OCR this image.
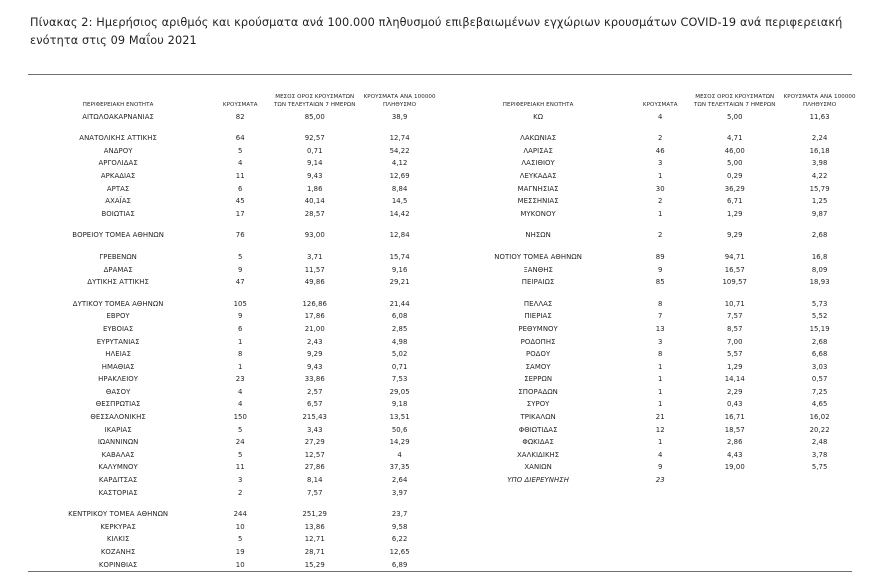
Πίνακας 2: Ημερήσιος αριθμός και κρούσματα ανά 100.000 πληθυσμού επιβεβαιωμένων εγχώριων κρουσμάτων COVID-19 ανά περιφερειακή ενότητα στις 09 Μαΐου 2021

ΠΕΡΙΦΕΡΕΙΑΚΗ ΕΝΟΤΗΤΑ	ΚΡΟΥΣΜΑΤΑ	ΜΕΣΟΣ ΟΡΟΣ ΚΡΟΥΣΜΑΤΩΝ
ΤΩΝ ΤΕΛΕΥΤΑΙΩΝ 7 ΗΜΕΡΩΝ	ΚΡΟΥΣΜΑΤΑ ΑΝΑ 100000
ΠΛΗΘΥΣΜΟ

ΑΙΤΩΛΟΑΚΑΡΝΑΝΙΑΣ	82	85,00	38,9

ΑΝΑΤΟΛΙΚΗΣ ΑΤΤΙΚΗΣ	64	92,57	12,74
ΑΝΔΡΟΥ	5	0,71	54,22
ΑΡΓΟΛΙΔΑΣ	4	9,14	4,12
ΑΡΚΑΔΙΑΣ	11	9,43	12,69
ΑΡΤΑΣ	6	1,86	8,84
ΑΧΑΪΑΣ	45	40,14	14,5
ΒΟΙΩΤΙΑΣ	17	28,57	14,42

ΒΟΡΕΙΟΥ ΤΟΜΕΑ ΑΘΗΝΩΝ	76	93,00	12,84

ΓΡΕΒΕΝΩΝ	5	3,71	15,74
ΔΡΑΜΑΣ	9	11,57	9,16
ΔΥΤΙΚΗΣ ΑΤΤΙΚΗΣ	47	49,86	29,21

ΔΥΤΙΚΟΥ ΤΟΜΕΑ ΑΘΗΝΩΝ	105	126,86	21,44
ΕΒΡΟΥ	9	17,86	6,08
ΕΥΒΟΙΑΣ	6	21,00	2,85
ΕΥΡΥΤΑΝΙΑΣ	1	2,43	4,98
ΗΛΕΙΑΣ	8	9,29	5,02
ΗΜΑΘΙΑΣ	1	9,43	0,71
ΗΡΑΚΛΕΙΟΥ	23	33,86	7,53
ΘΑΣΟΥ	4	2,57	29,05
ΘΕΣΠΡΩΤΙΑΣ	4	6,57	9,18
ΘΕΣΣΑΛΟΝΙΚΗΣ	150	215,43	13,51
ΙΚΑΡΙΑΣ	5	3,43	50,6
ΙΩΑΝΝΙΝΩΝ	24	27,29	14,29
ΚΑΒΑΛΑΣ	5	12,57	4
ΚΑΛΥΜΝΟΥ	11	27,86	37,35
ΚΑΡΔΙΤΣΑΣ	3	8,14	2,64
ΚΑΣΤΟΡΙΑΣ	2	7,57	3,97

ΚΕΝΤΡΙΚΟΥ ΤΟΜΕΑ ΑΘΗΝΩΝ	244	251,29	23,7
ΚΕΡΚΥΡΑΣ	10	13,86	9,58
ΚΙΛΚΙΣ	5	12,71	6,22
ΚΟΖΑΝΗΣ	19	28,71	12,65
ΚΟΡΙΝΘΙΑΣ	10	15,29	6,89
ΠΕΡΙΦΕΡΕΙΑΚΗ ΕΝΟΤΗΤΑ	ΚΡΟΥΣΜΑΤΑ	ΜΕΣΟΣ ΟΡΟΣ ΚΡΟΥΣΜΑΤΩΝ
ΤΩΝ ΤΕΛΕΥΤΑΙΩΝ 7 ΗΜΕΡΩΝ	ΚΡΟΥΣΜΑΤΑ ΑΝΑ 100000
ΠΛΗΘΥΣΜΟ

ΚΩ	4	5,00	11,63

ΛΑΚΩΝΙΑΣ	2	4,71	2,24
ΛΑΡΙΣΑΣ	46	46,00	16,18
ΛΑΣΙΘΙΟΥ	3	5,00	3,98
ΛΕΥΚΑΔΑΣ	1	0,29	4,22
ΜΑΓΝΗΣΙΑΣ	30	36,29	15,79
ΜΕΣΣΗΝΙΑΣ	2	6,71	1,25
ΜΥΚΟΝΟΥ	1	1,29	9,87

ΝΗΣΩΝ	2	9,29	2,68

ΝΟΤΙΟΥ ΤΟΜΕΑ ΑΘΗΝΩΝ	89	94,71	16,8
ΞΑΝΘΗΣ	9	16,57	8,09
ΠΕΙΡΑΙΩΣ	85	109,57	18,93

ΠΕΛΛΑΣ	8	10,71	5,73
ΠΙΕΡΙΑΣ	7	7,57	5,52
ΡΕΘΥΜΝΟΥ	13	8,57	15,19
ΡΟΔΟΠΗΣ	3	7,00	2,68
ΡΟΔΟΥ	8	5,57	6,68
ΣΑΜΟΥ	1	1,29	3,03
ΣΕΡΡΩΝ	1	14,14	0,57
ΣΠΟΡΑΔΩΝ	1	2,29	7,25
ΣΥΡΟΥ	1	0,43	4,65
ΤΡΙΚΑΛΩΝ	21	16,71	16,02
ΦΘΙΩΤΙΔΑΣ	12	18,57	20,22
ΦΩΚΙΔΑΣ	1	2,86	2,48
ΧΑΛΚΙΔΙΚΗΣ	4	4,43	3,78
ΧΑΝΙΩΝ	9	19,00	5,75
ΥΠΟ ΔΙΕΡΕΥΝΗΣΗ	23		
